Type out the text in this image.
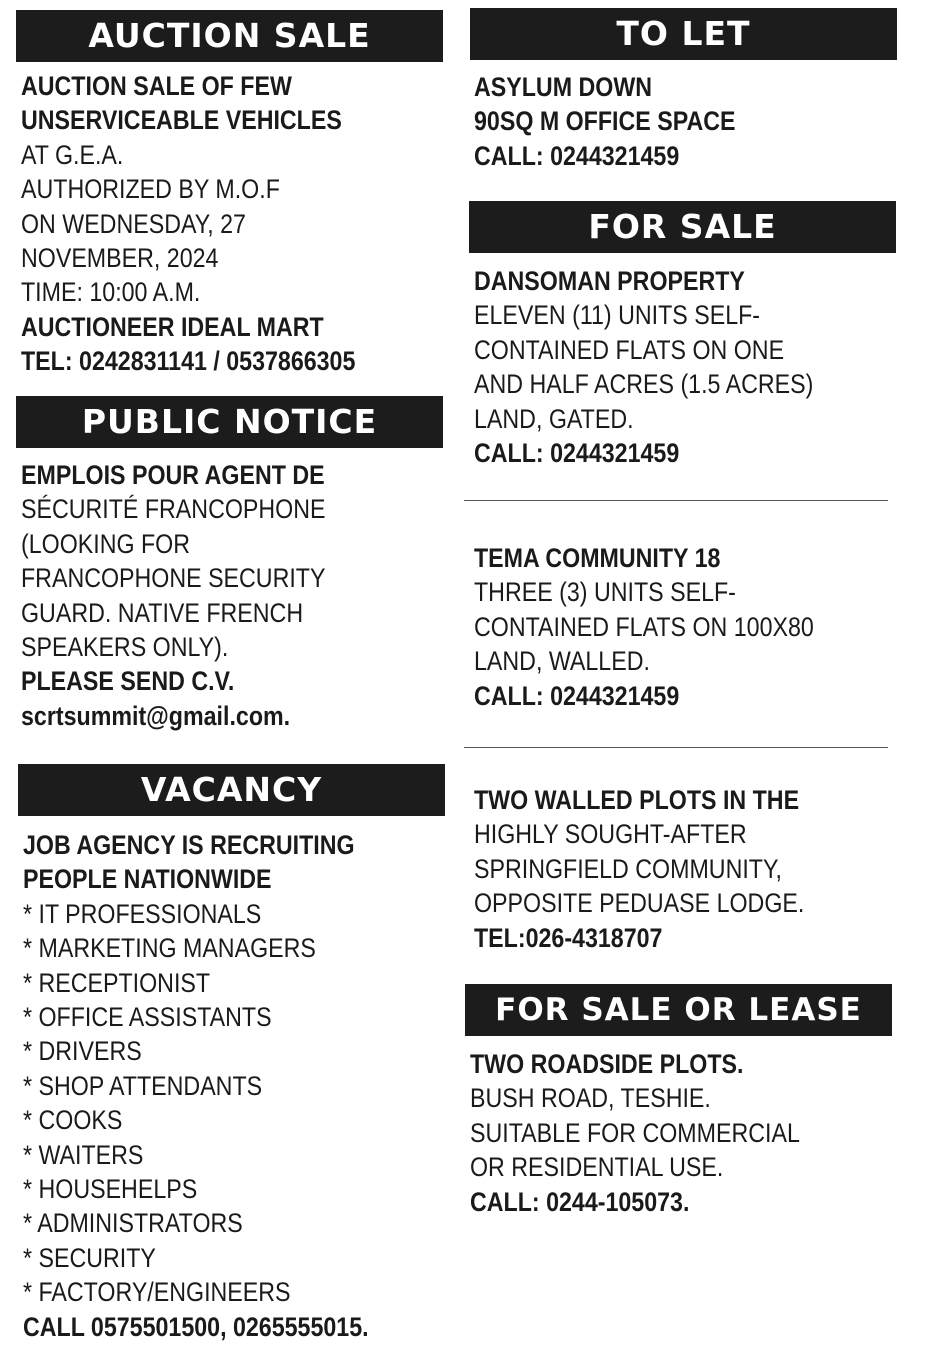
AUCTION SALE
AUCTION SALE OF FEW
UNSERVICEABLE VEHICLES
AT G.E.A.
AUTHORIZED BY M.O.F
ON WEDNESDAY, 27
NOVEMBER, 2024
TIME: 10:00 A.M.
AUCTIONEER IDEAL MART
TEL: 0242831141 / 0537866305
PUBLIC NOTICE
EMPLOIS POUR AGENT DE
SÉCURITÉ FRANCOPHONE
(LOOKING FOR
FRANCOPHONE SECURITY
GUARD. NATIVE FRENCH
SPEAKERS ONLY).
PLEASE SEND C.V.
scrtsummit@gmail.com.
VACANCY
JOB AGENCY IS RECRUITING
PEOPLE NATIONWIDE
* IT PROFESSIONALS
* MARKETING MANAGERS
* RECEPTIONIST
* OFFICE ASSISTANTS
* DRIVERS
* SHOP ATTENDANTS
* COOKS
* WAITERS
* HOUSEHELPS
* ADMINISTRATORS
* SECURITY
* FACTORY/ENGINEERS
CALL 0575501500, 0265555015.
TO LET
ASYLUM DOWN
90SQ M OFFICE SPACE
CALL: 0244321459
FOR SALE
DANSOMAN PROPERTY
ELEVEN (11) UNITS SELF-
CONTAINED FLATS ON ONE
AND HALF ACRES (1.5 ACRES)
LAND, GATED.
CALL: 0244321459
TEMA COMMUNITY 18
THREE (3) UNITS SELF-
CONTAINED FLATS ON 100X80
LAND, WALLED.
CALL: 0244321459
TWO WALLED PLOTS IN THE
HIGHLY SOUGHT-AFTER
SPRINGFIELD COMMUNITY,
OPPOSITE PEDUASE LODGE.
TEL:026-4318707
FOR SALE OR LEASE
TWO ROADSIDE PLOTS.
BUSH ROAD, TESHIE.
SUITABLE FOR COMMERCIAL
OR RESIDENTIAL USE.
CALL: 0244-105073.
